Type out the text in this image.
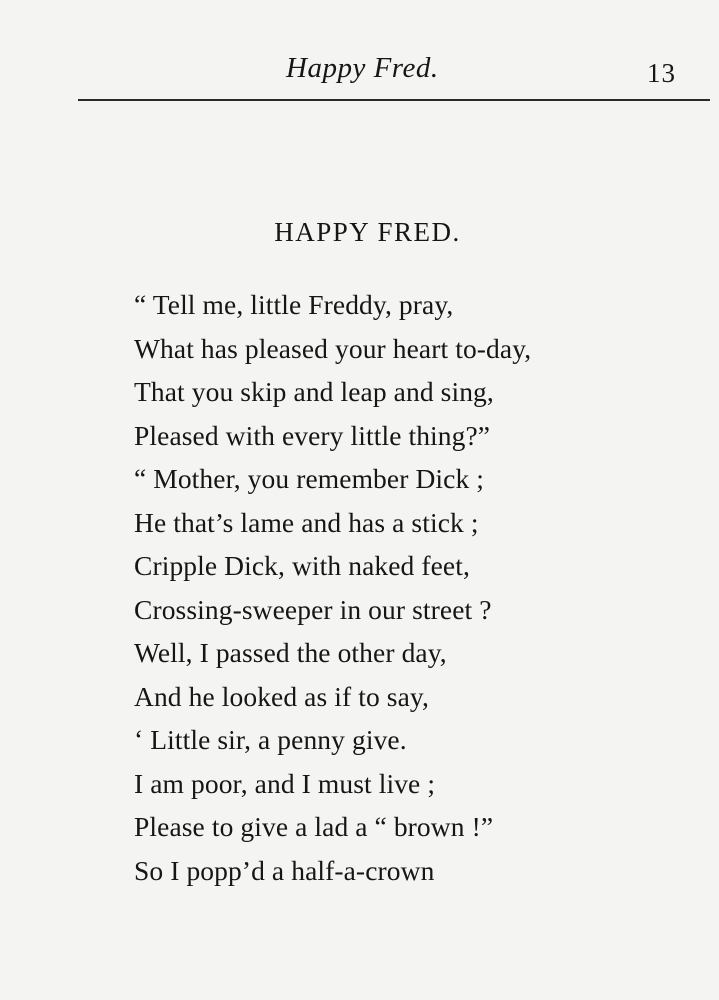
Happy Fred.	13
HAPPY FRED.
“ Tell me, little Freddy, pray,
What has pleased your heart to-day,
That you skip and leap and sing,
Pleased with every little thing?”
“ Mother, you remember Dick ;
He that’s lame and has a stick ;
Cripple Dick, with naked feet,
Crossing-sweeper in our street ?
Well, I passed the other day,
And he looked as if to say,
‘ Little sir, a penny give.
I am poor, and I must live ;
Please to give a lad a “ brown !”
So I popp’d a half-a-crown
